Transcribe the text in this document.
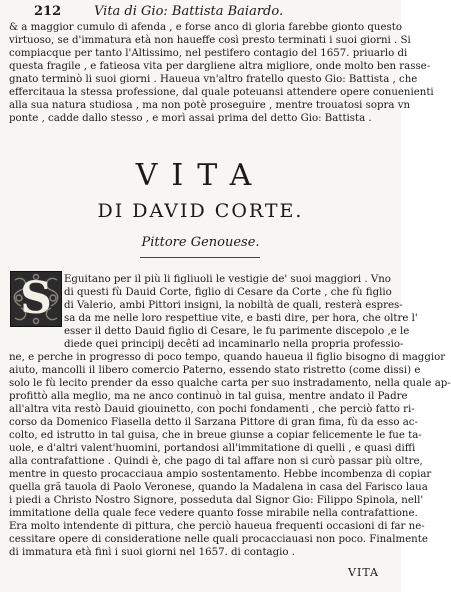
212	Vita di Gio: Battista Baiardo.
& a maggior cumulo di afenda , e forse anco di gloria farebbe gionto questo
virtuoso, se d'immatura età non haueffe così presto terminati i suoi giorni . Si
compiacque per tanto l'Altissimo, nel pestifero contagio del 1657. priuarlo di
questa fragile , e fatieosa vita per dargliene altra migliore, onde molto ben rasse-
gnato terminò li suoi giorni . Haueua vn'altro fratello questo Gio: Battista , che
effercitaua la stessa professione, dal quale poteuansi attendere opere conuenienti
alla sua natura studiosa , ma non potè proseguire , mentre trouatosi sopra vn
ponte , cadde dallo stesso , e morì assai prima del detto Gio: Battista .
VITA
DI DAVID CORTE.
Pittore Genouese.
S	Eguitano per il più li figliuoli le vestigie de' suoi maggiori . Vno
di questi fù Dauid Corte, figlio di Cesare da Corte , che fù figlio
di Valerio, ambi Pittori insigni, la nobiltà de quali, resterà espres-
sa da me nelle loro respettiue vite, e basti dire, per hora, che oltre l'
esser il detto Dauid figlio di Cesare, le fu parimente discepolo ,e le
diede quei principij decêti ad incaminarlo nella propria professio-
ne, e perche in progresso di poco tempo, quando haueua il figlio bisogno di maggior
aiuto, mancolli il libero comercio Paterno, essendo stato ristretto (come dissi) e
solo le fù lecito prender da esso qualche carta per suo instradamento, nella quale ap-
profittò alla meglio, ma ne anco continuò in tal guisa, mentre andato il Padre
all'altra vita restò Dauid giouinetto, con pochi fondamenti , che perciò fatto ri-
corso da Domenico Fiasella detto il Sarzana Pittore di gran fima, fù da esso ac-
colto, ed istrutto in tal guisa, che in breue giunse a copiar felicemente le fue ta-
uole, e d'altri valent'huomini, portandosi all'immitatione di quelli , e quasi diffi
alla contrafattione . Quindi è, che pago di tal affare non si curò passar più oltre,
mentre in questo procacciaua ampio sostentamento. Hebbe incombenza di copiar
quella grã tauola di Paolo Veronese, quando la Madalena in casa del Farisco laua
i piedi a Christo Nostro Signore, posseduta dal Signor Gio: Filippo Spinola, nell'
immitatione della quale fece vedere quanto fosse mirabile nella contrafattione.
Era molto intendente di pittura, che perciò haueua frequenti occasioni di far ne-
cessitare opere di consideratione nelle quali procacciauasi non poco. Finalmente
di immatura età finì i suoi giorni nel 1657. di contagio .
VITA
